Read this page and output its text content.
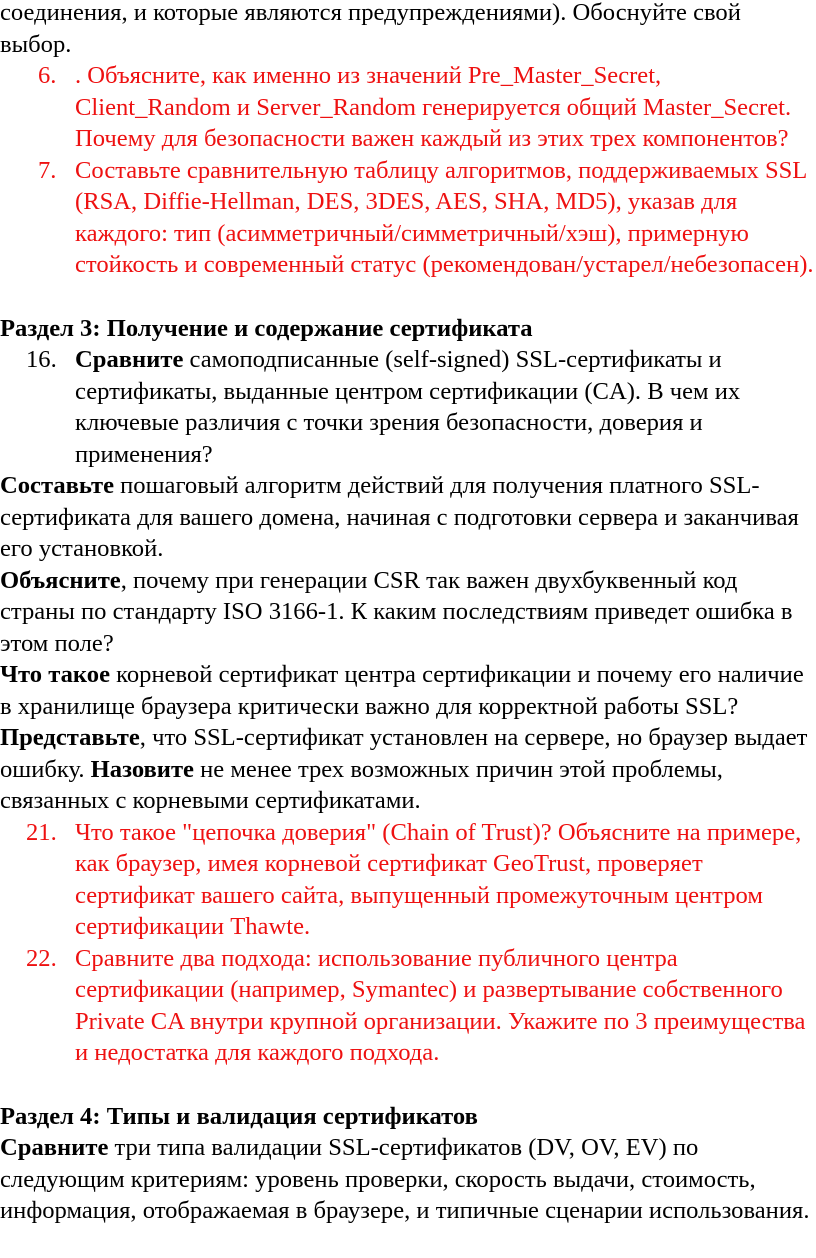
соединения, и которые являются предупреждениями). Обоснуйте свой выбор.

6. . Объясните, как именно из значений Pre_Master_Secret, Client_Random и Server_Random генерируется общий Master_Secret. Почему для безопасности важен каждый из этих трех компонентов?
7. Составьте сравнительную таблицу алгоритмов, поддерживаемых SSL (RSA, Diffie-Hellman, DES, 3DES, AES, SHA, MD5), указав для каждого: тип (асимметричный/симметричный/хэш), примерную стойкость и современный статус (рекомендован/устарел/небезопасен).

Раздел 3: Получение и содержание сертификата

16. Сравните самоподписанные (self-signed) SSL-сертификаты и сертификаты, выданные центром сертификации (CA). В чем их ключевые различия с точки зрения безопасности, доверия и применения?

Составьте пошаговый алгоритм действий для получения платного SSL-сертификата для вашего домена, начиная с подготовки сервера и заканчивая его установкой.

Объясните, почему при генерации CSR так важен двухбуквенный код страны по стандарту ISO 3166-1. К каким последствиям приведет ошибка в этом поле?

Что такое корневой сертификат центра сертификации и почему его наличие в хранилище браузера критически важно для корректной работы SSL?

Представьте, что SSL-сертификат установлен на сервере, но браузер выдает ошибку. Назовите не менее трех возможных причин этой проблемы, связанных с корневыми сертификатами.

21. Что такое "цепочка доверия" (Chain of Trust)? Объясните на примере, как браузер, имея корневой сертификат GeoTrust, проверяет сертификат вашего сайта, выпущенный промежуточным центром сертификации Thawte.
22. Сравните два подхода: использование публичного центра сертификации (например, Symantec) и развертывание собственного Private CA внутри крупной организации. Укажите по 3 преимущества и недостатка для каждого подхода.

Раздел 4: Типы и валидация сертификатов

Сравните три типа валидации SSL-сертификатов (DV, OV, EV) по следующим критериям: уровень проверки, скорость выдачи, стоимость, информация, отображаемая в браузере, и типичные сценарии использования.
